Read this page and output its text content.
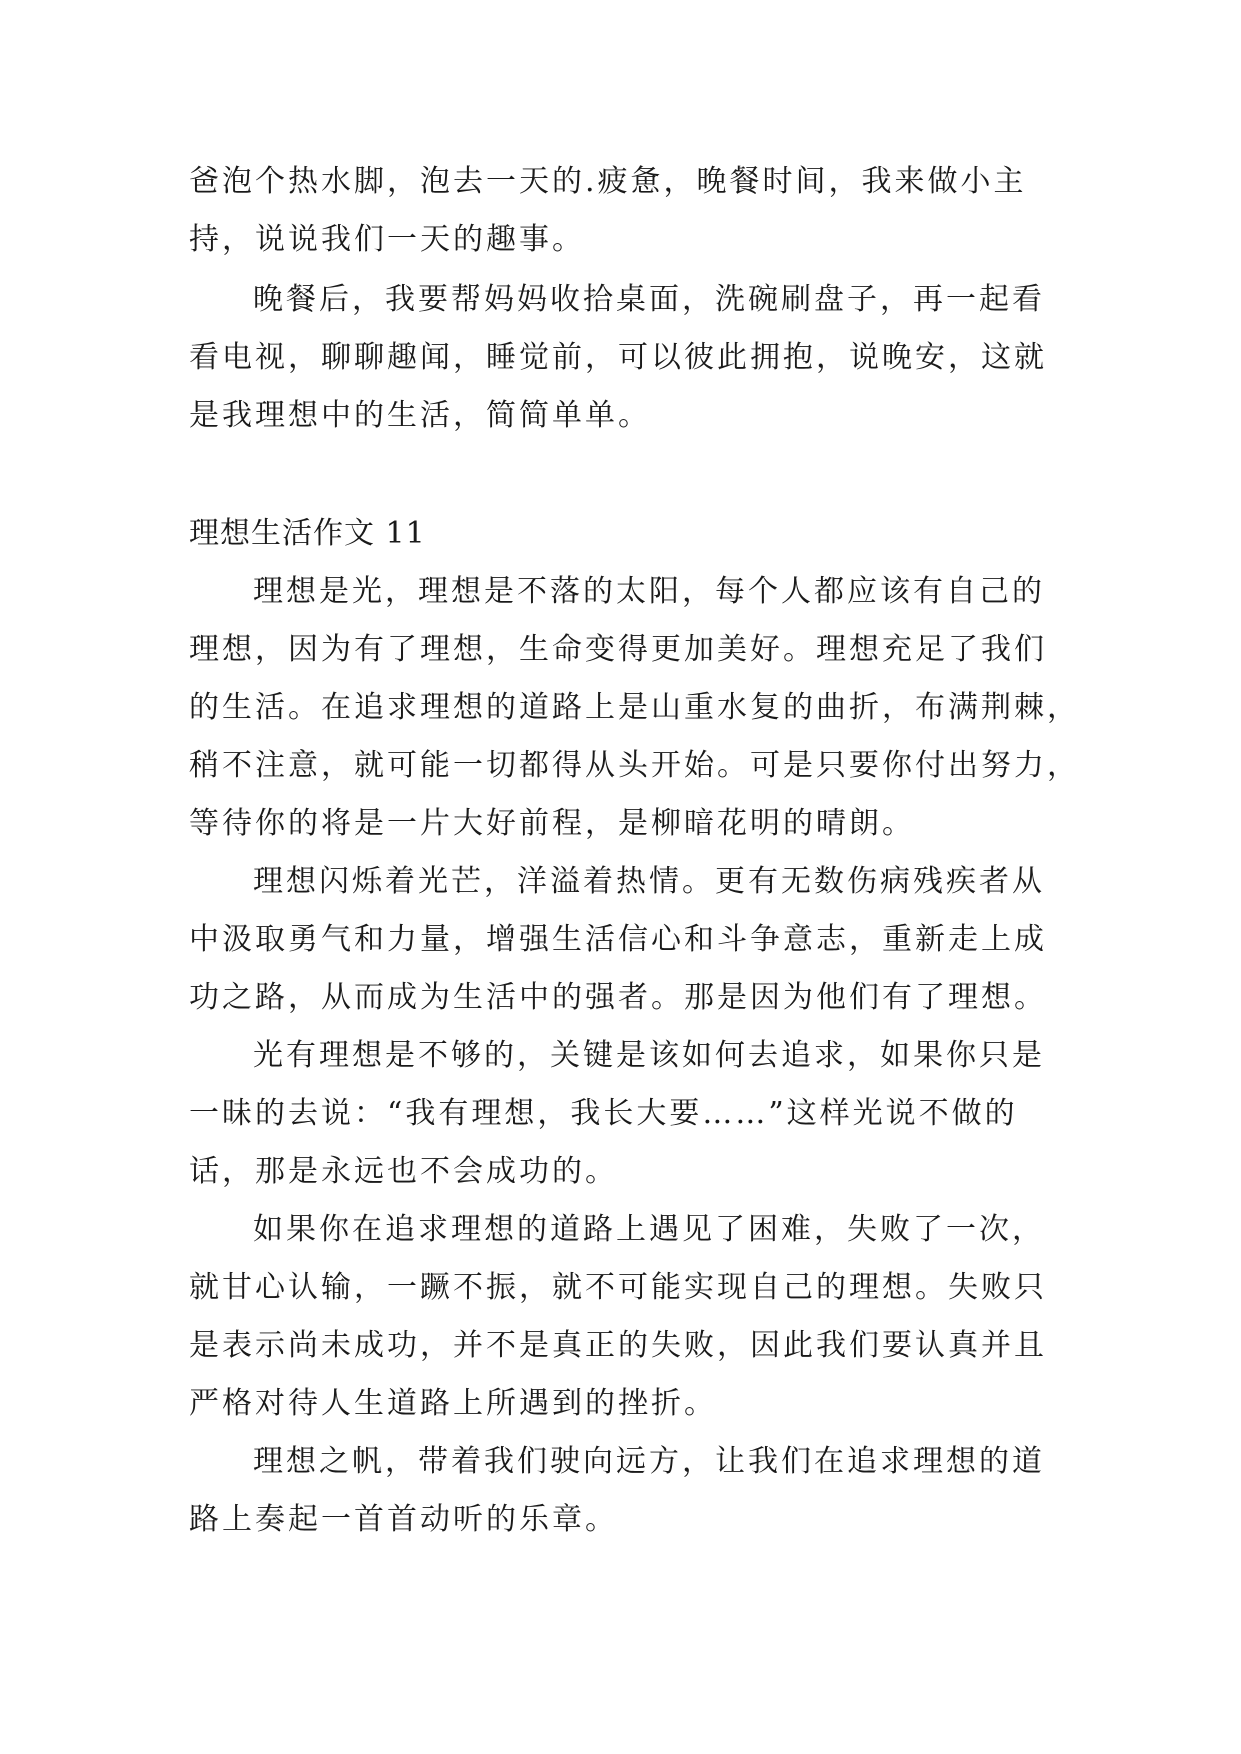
爸泡个热水脚，泡去一天的.疲惫，晚餐时间，我来做小主
持，说说我们一天的趣事。
晚餐后，我要帮妈妈收拾桌面，洗碗刷盘子，再一起看
看电视，聊聊趣闻，睡觉前，可以彼此拥抱，说晚安，这就
是我理想中的生活，简简单单。
理想生活作文 11
理想是光，理想是不落的太阳，每个人都应该有自己的
理想，因为有了理想，生命变得更加美好。理想充足了我们
的生活。在追求理想的道路上是山重水复的曲折，布满荆棘，
稍不注意，就可能一切都得从头开始。可是只要你付出努力，
等待你的将是一片大好前程，是柳暗花明的晴朗。
理想闪烁着光芒，洋溢着热情。更有无数伤病残疾者从
中汲取勇气和力量，增强生活信心和斗争意志，重新走上成
功之路，从而成为生活中的强者。那是因为他们有了理想。
光有理想是不够的，关键是该如何去追求，如果你只是
一昧的去说：“我有理想，我长大要……”这样光说不做的
话，那是永远也不会成功的。
如果你在追求理想的道路上遇见了困难，失败了一次，
就甘心认输，一蹶不振，就不可能实现自己的理想。失败只
是表示尚未成功，并不是真正的失败，因此我们要认真并且
严格对待人生道路上所遇到的挫折。
理想之帆，带着我们驶向远方，让我们在追求理想的道
路上奏起一首首动听的乐章。
